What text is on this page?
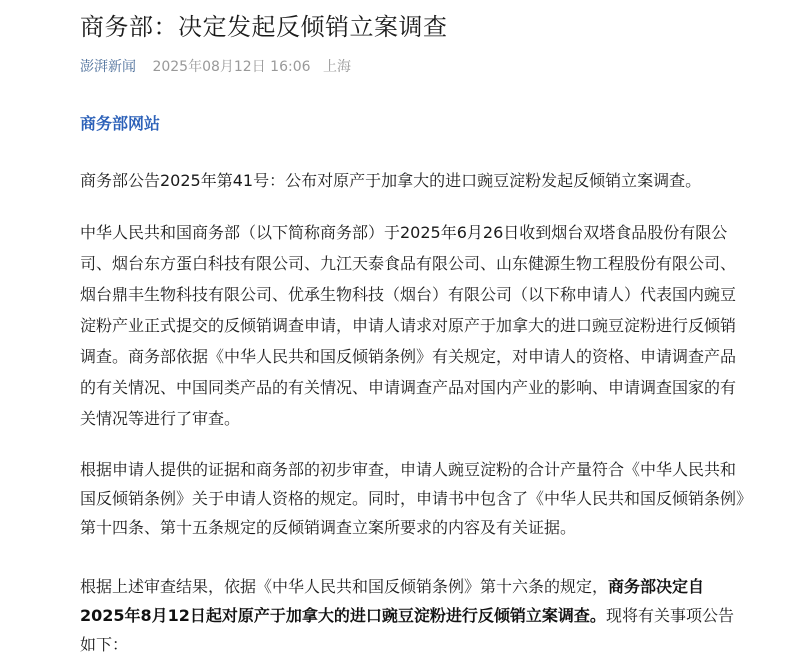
商务部：决定发起反倾销立案调查
澎湃新闻 2025年08月12日 16:06 上海
商务部网站

商务部公告2025年第41号：公布对原产于加拿大的进口豌豆淀粉发起反倾销立案调查。

中华人民共和国商务部（以下简称商务部）于2025年6月26日收到烟台双塔食品股份有限公司、烟台东方蛋白科技有限公司、九江天泰食品有限公司、山东健源生物工程股份有限公司、烟台鼎丰生物科技有限公司、优承生物科技（烟台）有限公司（以下称申请人）代表国内豌豆淀粉产业正式提交的反倾销调查申请，申请人请求对原产于加拿大的进口豌豆淀粉进行反倾销调查。商务部依据《中华人民共和国反倾销条例》有关规定，对申请人的资格、申请调查产品的有关情况、中国同类产品的有关情况、申请调查产品对国内产业的影响、申请调查国家的有关情况等进行了审查。

根据申请人提供的证据和商务部的初步审查，申请人豌豆淀粉的合计产量符合《中华人民共和国反倾销条例》关于申请人资格的规定。同时，申请书中包含了《中华人民共和国反倾销条例》第十四条、第十五条规定的反倾销调查立案所要求的内容及有关证据。

根据上述审查结果，依据《中华人民共和国反倾销条例》第十六条的规定，商务部决定自2025年8月12日起对原产于加拿大的进口豌豆淀粉进行反倾销立案调查。现将有关事项公告如下：
